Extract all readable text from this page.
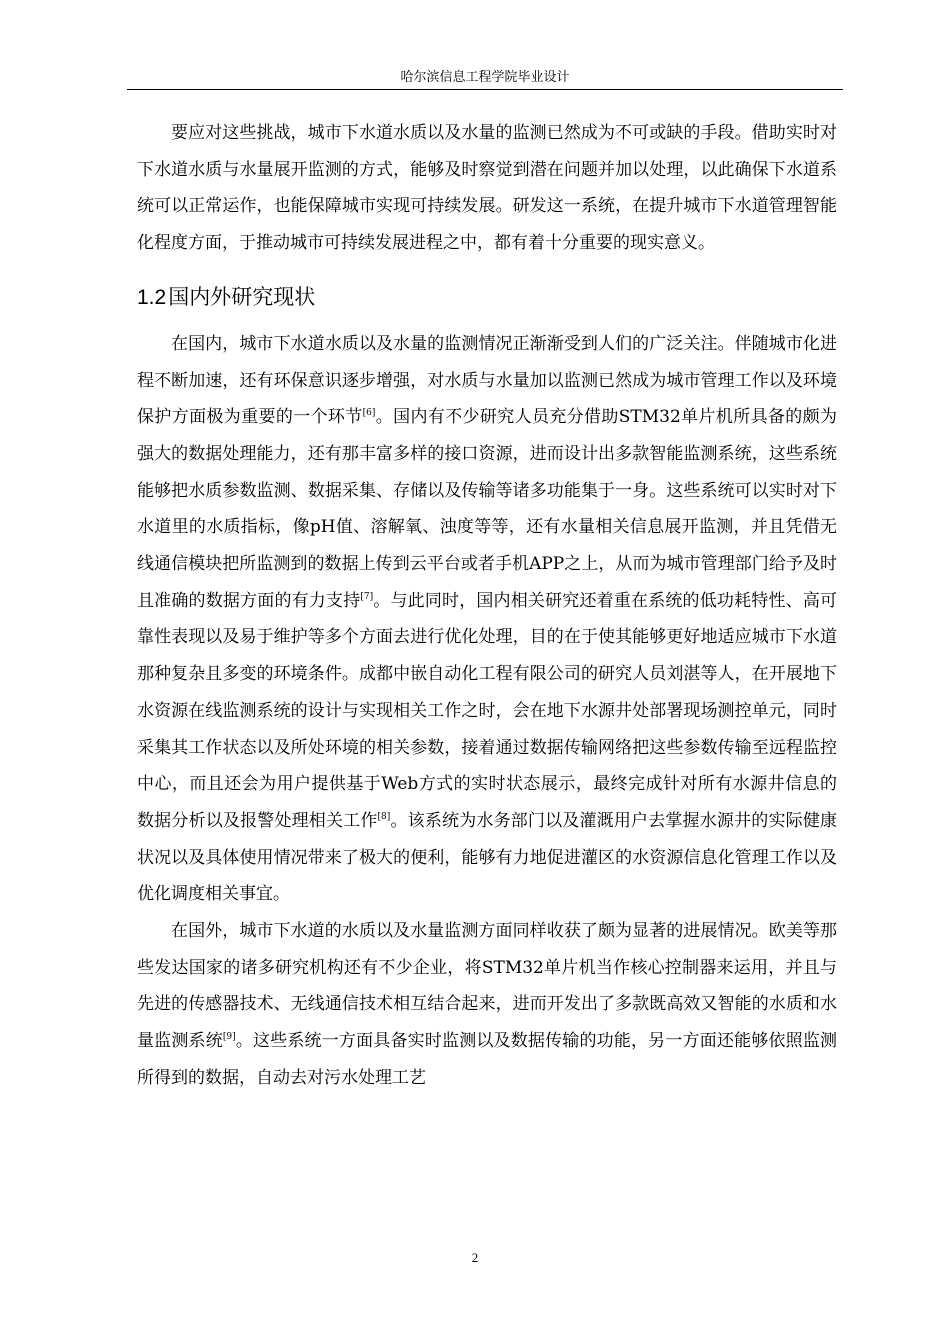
哈尔滨信息工程学院毕业设计

要应对这些挑战，城市下水道水质以及水量的监测已然成为不可或缺的手段。借助实时对下水道水质与水量展开监测的方式，能够及时察觉到潜在问题并加以处理，以此确保下水道系统可以正常运作，也能保障城市实现可持续发展。研发这一系统，在提升城市下水道管理智能化程度方面，于推动城市可持续发展进程之中，都有着十分重要的现实意义。

1.2国内外研究现状

在国内，城市下水道水质以及水量的监测情况正渐渐受到人们的广泛关注。伴随城市化进程不断加速，还有环保意识逐步增强，对水质与水量加以监测已然成为城市管理工作以及环境保护方面极为重要的一个环节[6]。国内有不少研究人员充分借助STM32单片机所具备的颇为强大的数据处理能力，还有那丰富多样的接口资源，进而设计出多款智能监测系统，这些系统能够把水质参数监测、数据采集、存储以及传输等诸多功能集于一身。这些系统可以实时对下水道里的水质指标，像pH值、溶解氧、浊度等等，还有水量相关信息展开监测，并且凭借无线通信模块把所监测到的数据上传到云平台或者手机APP之上，从而为城市管理部门给予及时且准确的数据方面的有力支持[7]。与此同时，国内相关研究还着重在系统的低功耗特性、高可靠性表现以及易于维护等多个方面去进行优化处理，目的在于使其能够更好地适应城市下水道那种复杂且多变的环境条件。成都中嵌自动化工程有限公司的研究人员刘湛等人，在开展地下水资源在线监测系统的设计与实现相关工作之时，会在地下水源井处部署现场测控单元，同时采集其工作状态以及所处环境的相关参数，接着通过数据传输网络把这些参数传输至远程监控中心，而且还会为用户提供基于Web方式的实时状态展示，最终完成针对所有水源井信息的数据分析以及报警处理相关工作[8]。该系统为水务部门以及灌溉用户去掌握水源井的实际健康状况以及具体使用情况带来了极大的便利，能够有力地促进灌区的水资源信息化管理工作以及优化调度相关事宜。

在国外，城市下水道的水质以及水量监测方面同样收获了颇为显著的进展情况。欧美等那些发达国家的诸多研究机构还有不少企业，将STM32单片机当作核心控制器来运用，并且与先进的传感器技术、无线通信技术相互结合起来，进而开发出了多款既高效又智能的水质和水量监测系统[9]。这些系统一方面具备实时监测以及数据传输的功能，另一方面还能够依照监测所得到的数据，自动去对污水处理工艺

2
